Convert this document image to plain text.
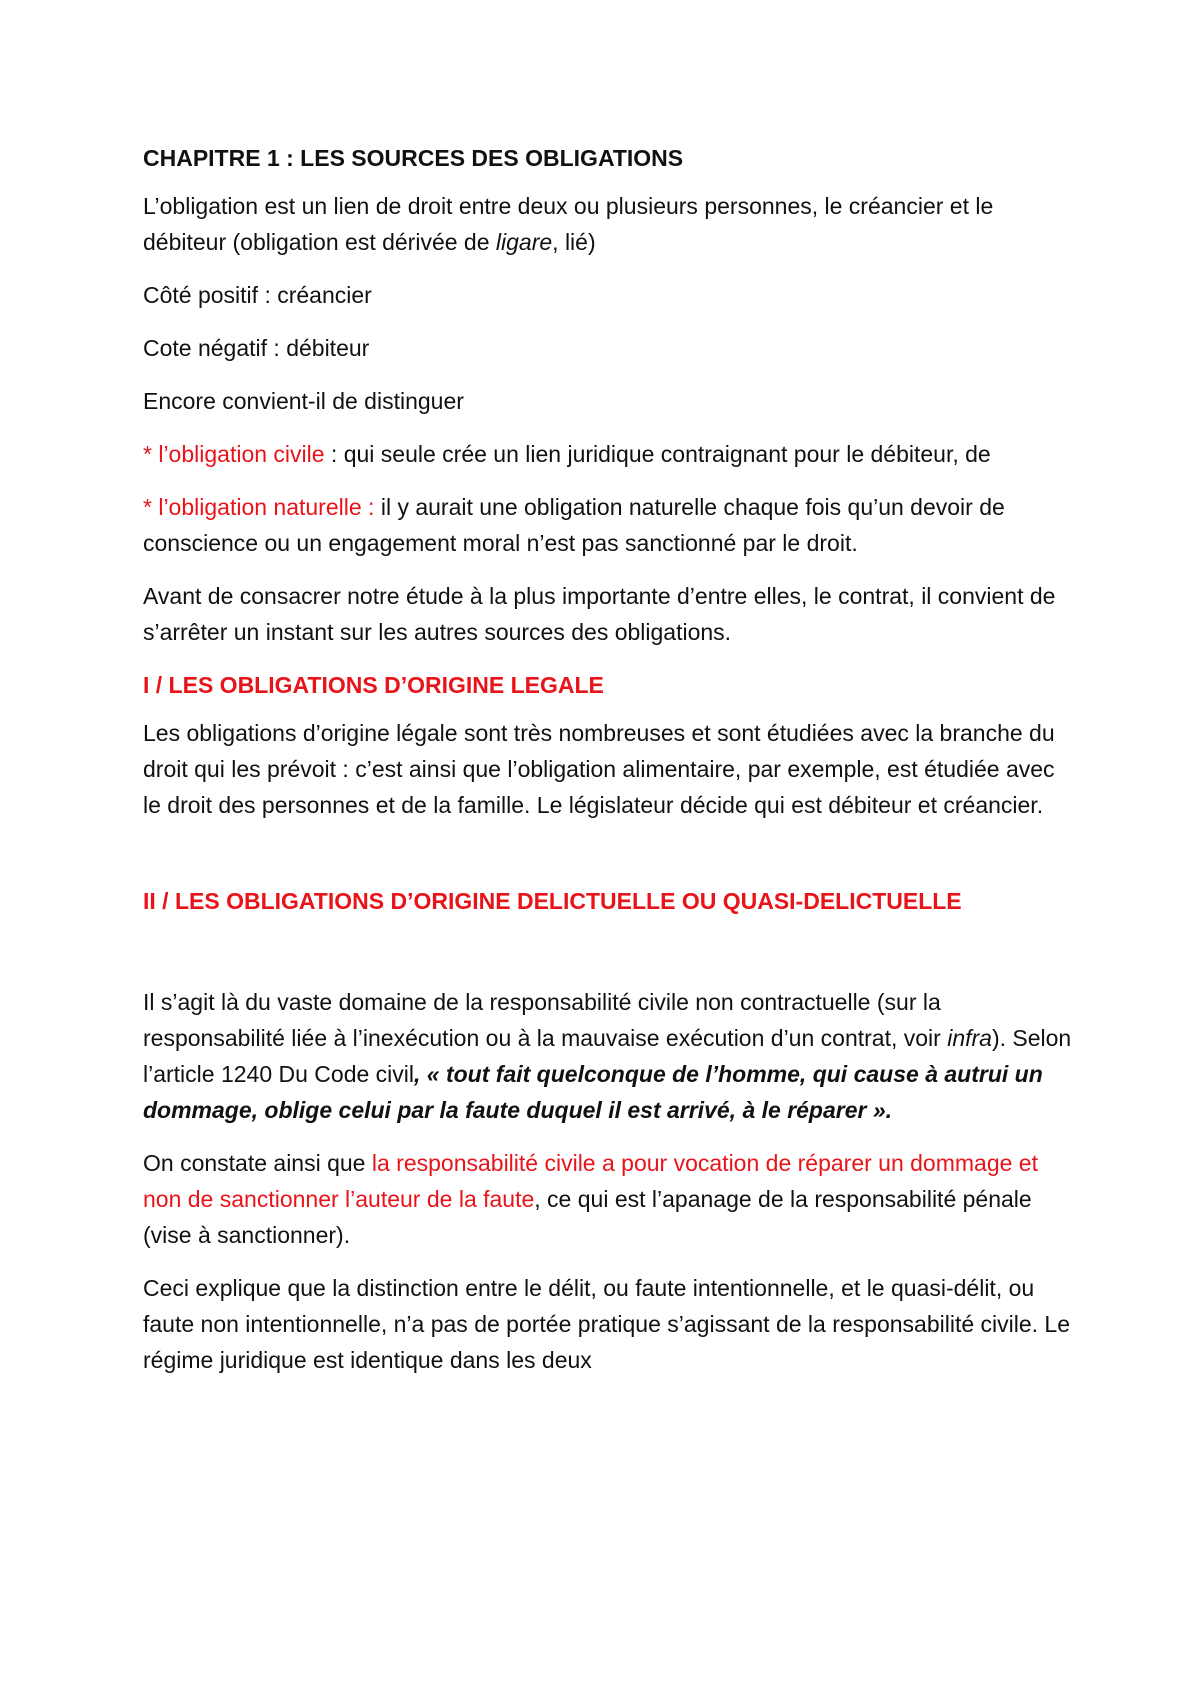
CHAPITRE 1 : LES SOURCES DES OBLIGATIONS

L’obligation est un lien de droit entre deux ou plusieurs personnes, le créancier et le débiteur (obligation est dérivée de ligare, lié)

Côté positif : créancier

Cote négatif : débiteur

Encore convient-il de distinguer

* l’obligation civile : qui seule crée un lien juridique contraignant pour le débiteur, de

* l’obligation naturelle : il y aurait une obligation naturelle chaque fois qu’un devoir de conscience ou un engagement moral n’est pas sanctionné par le droit.

Avant de consacrer notre étude à la plus importante d’entre elles, le contrat, il convient de s’arrêter un instant sur les autres sources des obligations.

I / LES OBLIGATIONS D’ORIGINE LEGALE

Les obligations d’origine légale sont très nombreuses et sont étudiées avec la branche du droit qui les prévoit : c’est ainsi que l’obligation alimentaire, par exemple, est étudiée avec le droit des personnes et de la famille. Le législateur décide qui est débiteur et créancier.

II / LES OBLIGATIONS D’ORIGINE DELICTUELLE OU QUASI-DELICTUELLE

Il s’agit là du vaste domaine de la responsabilité civile non contractuelle (sur la responsabilité liée à l’inexécution ou à la mauvaise exécution d’un contrat, voir infra). Selon l’article 1240 Du Code civil, « tout fait quelconque de l’homme, qui cause à autrui un dommage, oblige celui par la faute duquel il est arrivé, à le réparer ».

On constate ainsi que la responsabilité civile a pour vocation de réparer un dommage et non de sanctionner l’auteur de la faute, ce qui est l’apanage de la responsabilité pénale (vise à sanctionner).

Ceci explique que la distinction entre le délit, ou faute intentionnelle, et le quasi-délit, ou faute non intentionnelle, n’a pas de portée pratique s’agissant de la responsabilité civile. Le régime juridique est identique dans les deux
